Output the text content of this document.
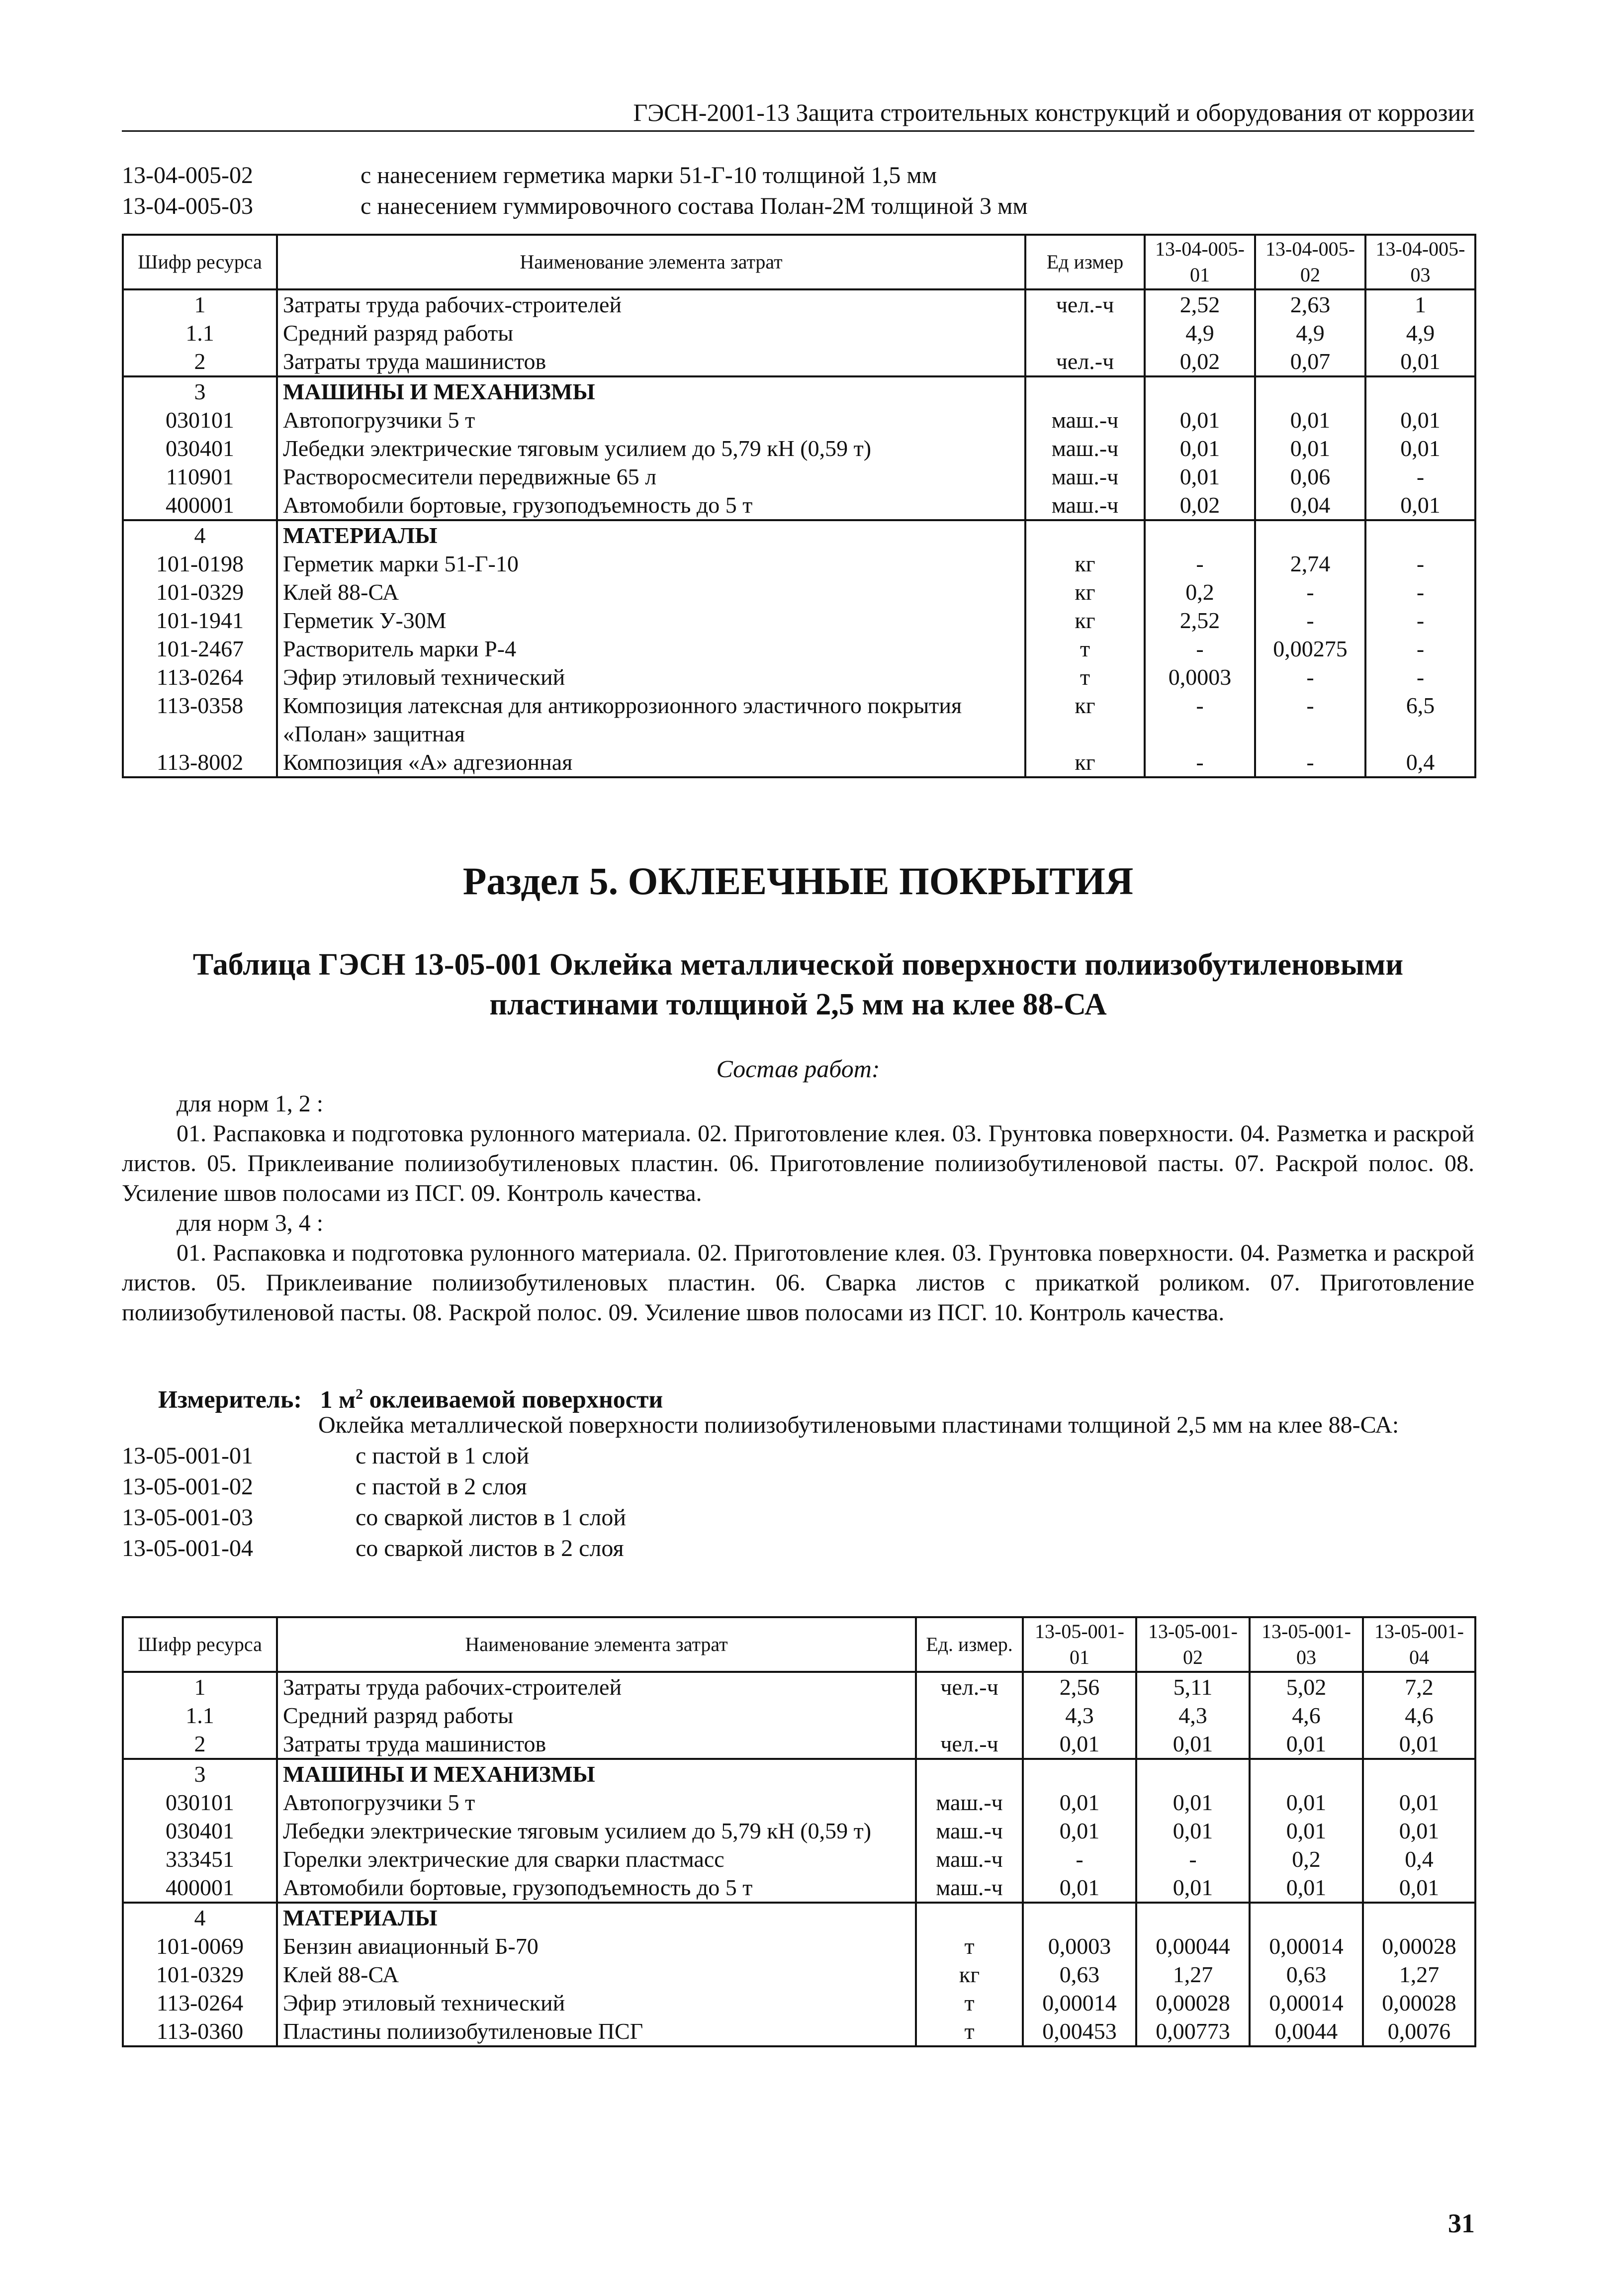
ГЭСН-2001-13 Защита строительных конструкций и оборудования от коррозии
13-04-005-02	с нанесением герметика марки 51-Г-10 толщиной 1,5 мм
13-04-005-03	с нанесением гуммировочного состава Полан-2М толщиной 3 мм
Шифр ресурса	Наименование элемента затрат	Ед измер	13-04-005-01	13-04-005-02	13-04-005-03
1	Затраты труда рабочих-строителей	чел.-ч	2,52	2,63	1
1.1	Средний разряд работы		4,9	4,9	4,9
2	Затраты труда машинистов	чел.-ч	0,02	0,07	0,01
3	МАШИНЫ И МЕХАНИЗМЫ				
030101	Автопогрузчики 5 т	маш.-ч	0,01	0,01	0,01
030401	Лебедки электрические тяговым усилием до 5,79 кН (0,59 т)	маш.-ч	0,01	0,01	0,01
110901	Растворосмесители передвижные 65 л	маш.-ч	0,01	0,06	-
400001	Автомобили бортовые, грузоподъемность до 5 т	маш.-ч	0,02	0,04	0,01
4	МАТЕРИАЛЫ				
101-0198	Герметик марки 51-Г-10	кг	-	2,74	-
101-0329	Клей 88-СА	кг	0,2	-	-
101-1941	Герметик У-30М	кг	2,52	-	-
101-2467	Растворитель марки Р-4	т	-	0,00275	-
113-0264	Эфир этиловый технический	т	0,0003	-	-
113-0358	Композиция латексная для антикоррозионного эластичного покрытия «Полан» защитная	кг	-	-	6,5
113-8002	Композиция «А» адгезионная	кг	-	-	0,4
Раздел 5. ОКЛЕЕЧНЫЕ ПОКРЫТИЯ
Таблица ГЭСН 13-05-001 Оклейка металлической поверхности полиизобутиленовыми пластинами толщиной 2,5 мм на клее 88-СА
Состав работ:
для норм 1, 2 :
01. Распаковка и подготовка рулонного материала. 02. Приготовление клея. 03. Грунтовка поверхности. 04. Разметка и раскрой листов. 05. Приклеивание полиизобутиленовых пластин. 06. Приготовление полиизобутиленовой пасты. 07. Раскрой полос. 08. Усиление швов полосами из ПСГ. 09. Контроль качества.
для норм 3, 4 :
01. Распаковка и подготовка рулонного материала. 02. Приготовление клея. 03. Грунтовка поверхности. 04. Разметка и раскрой листов. 05. Приклеивание полиизобутиленовых пластин. 06. Сварка листов с прикаткой роликом. 07. Приготовление полиизобутиленовой пасты. 08. Раскрой полос. 09. Усиление швов полосами из ПСГ. 10. Контроль качества.
Измеритель: 1 $м^2$ оклеиваемой поверхности
Оклейка металлической поверхности полиизобутиленовыми пластинами толщиной 2,5 мм на клее 88-СА:
13-05-001-01	с пастой в 1 слой
13-05-001-02	с пастой в 2 слоя
13-05-001-03	со сваркой листов в 1 слой
13-05-001-04	со сваркой листов в 2 слоя
Шифр ресурса	Наименование элемента затрат	Ед. измер.	13-05-001-01	13-05-001-02	13-05-001-03	13-05-001-04
1	Затраты труда рабочих-строителей	чел.-ч	2,56	5,11	5,02	7,2
1.1	Средний разряд работы		4,3	4,3	4,6	4,6
2	Затраты труда машинистов	чел.-ч	0,01	0,01	0,01	0,01
3	МАШИНЫ И МЕХАНИЗМЫ					
030101	Автопогрузчики 5 т	маш.-ч	0,01	0,01	0,01	0,01
030401	Лебедки электрические тяговым усилием до 5,79 кН (0,59 т)	маш.-ч	0,01	0,01	0,01	0,01
333451	Горелки электрические для сварки пластмасс	маш.-ч	-	-	0,2	0,4
400001	Автомобили бортовые, грузоподъемность до 5 т	маш.-ч	0,01	0,01	0,01	0,01
4	МАТЕРИАЛЫ					
101-0069	Бензин авиационный Б-70	т	0,0003	0,00044	0,00014	0,00028
101-0329	Клей 88-СА	кг	0,63	1,27	0,63	1,27
113-0264	Эфир этиловый технический	т	0,00014	0,00028	0,00014	0,00028
113-0360	Пластины полиизобутиленовые ПСГ	т	0,00453	0,00773	0,0044	0,0076
31
